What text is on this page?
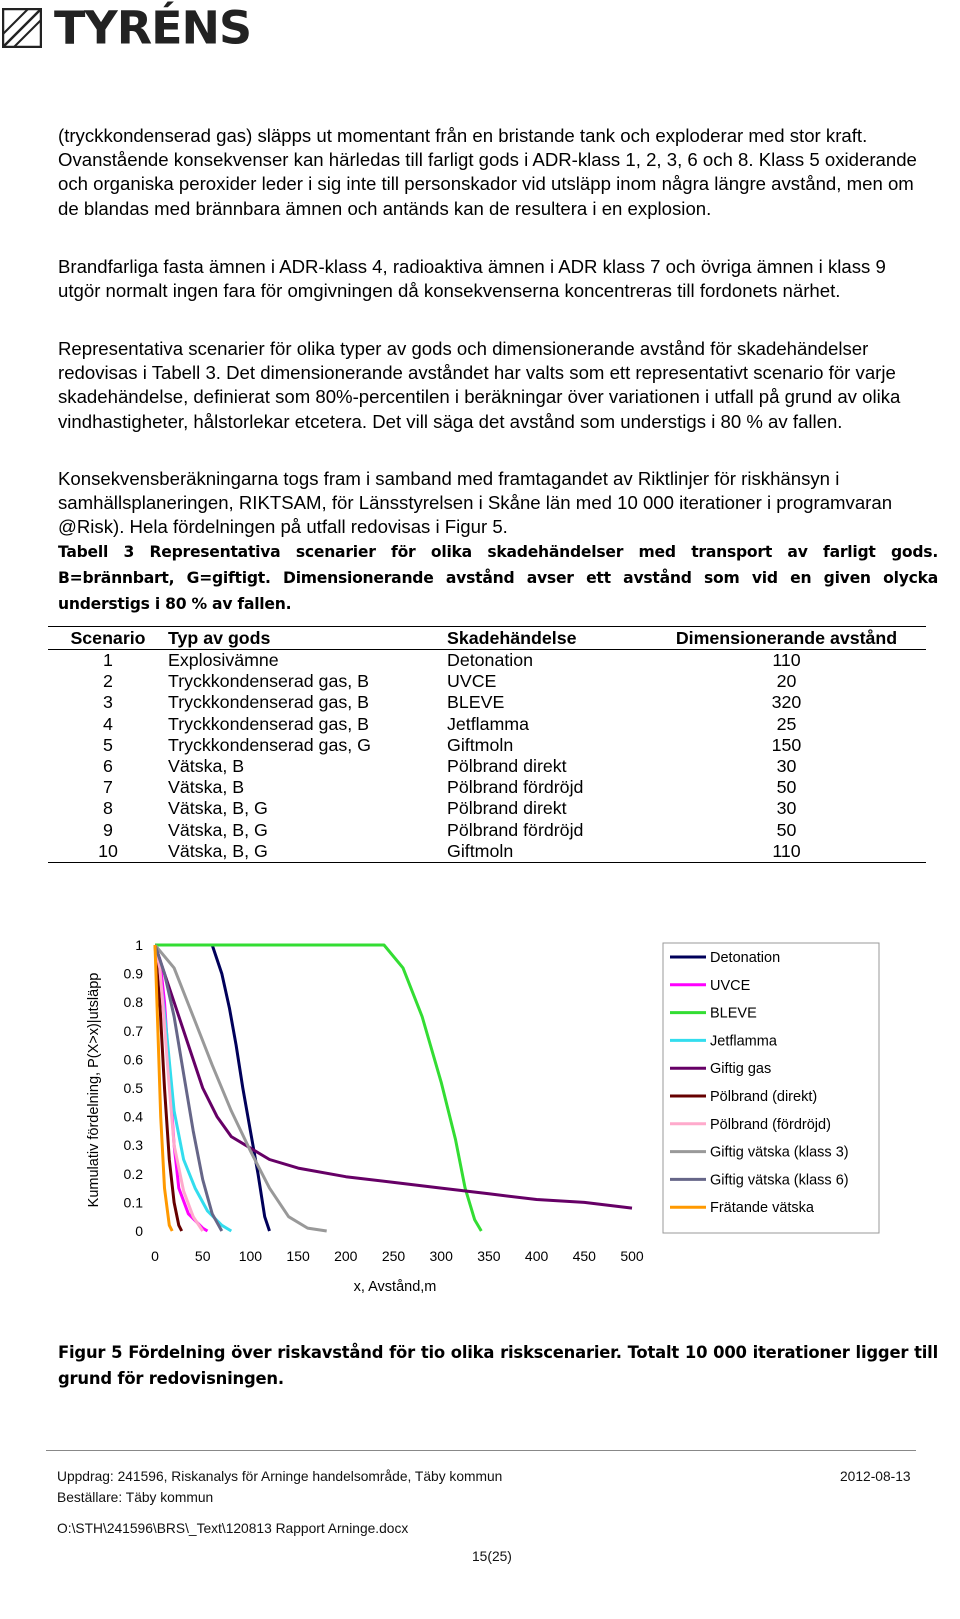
TYRÉNS

(tryckkondenserad gas) släpps ut momentant från en bristande tank och exploderar med stor kraft. Ovanstående konsekvenser kan härledas till farligt gods i ADR-klass 1, 2, 3, 6 och 8. Klass 5 oxiderande och organiska peroxider leder i sig inte till personskador vid utsläpp inom några längre avstånd, men om de blandas med brännbara ämnen och antänds kan de resultera i en explosion.

Brandfarliga fasta ämnen i ADR-klass 4, radioaktiva ämnen i ADR klass 7 och övriga ämnen i klass 9 utgör normalt ingen fara för omgivningen då konsekvenserna koncentreras till fordonets närhet.

Representativa scenarier för olika typer av gods och dimensionerande avstånd för skadehändelser redovisas i Tabell 3. Det dimensionerande avståndet har valts som ett representativt scenario för varje skadehändelse, definierat som 80%-percentilen i beräkningar över variationen i utfall på grund av olika vindhastigheter, hålstorlekar etcetera. Det vill säga det avstånd som understigs i 80 % av fallen.

Konsekvensberäkningarna togs fram i samband med framtagandet av Riktlinjer för riskhänsyn i samhällsplaneringen, RIKTSAM, för Länsstyrelsen i Skåne län med 10 000 iterationer i programvaran @Risk). Hela fördelningen på utfall redovisas i Figur 5.

Tabell 3 Representativa scenarier för olika skadehändelser med transport av farligt gods. B=brännbart, G=giftigt. Dimensionerande avstånd avser ett avstånd som vid en given olycka understigs i 80 % av fallen.
Scenario	Typ av gods	Skadehändelse	Dimensionerande avstånd
1	Explosivämne	Detonation	110
2	Tryckkondenserad gas, B	UVCE	20
3	Tryckkondenserad gas, B	BLEVE	320
4	Tryckkondenserad gas, B	Jetflamma	25
5	Tryckkondenserad gas, G	Giftmoln	150
6	Vätska, B	Pölbrand direkt	30
7	Vätska, B	Pölbrand fördröjd	50
8	Vätska, B, G	Pölbrand direkt	30
9	Vätska, B, G	Pölbrand fördröjd	50
10	Vätska, B, G	Giftmoln	110
0
0.1
0.2
0.3
0.4
0.5
0.6
0.7
0.8
0.9
1
0	50 100 150 200 250 300 350 400 450 500
Kumulativ fördelning, P(X>x)|utsläpp
x, Avstånd,m
Detonation
UVCE
BLEVE
Jetflamma
Giftig gas
Pölbrand (direkt)
Pölbrand (fördröjd)
Giftig vätska (klass 3)
Giftig vätska (klass 6)
Frätande vätska
Figur 5 Fördelning över riskavstånd för tio olika riskscenarier. Totalt 10 000 iterationer ligger till grund för redovisningen.
Uppdrag: 241596, Riskanalys för Arninge handelsområde, Täby kommun	2012-08-13
Beställare: Täby kommun
O:\STH\241596\BRS\_Text\120813 Rapport Arninge.docx
15(25)
